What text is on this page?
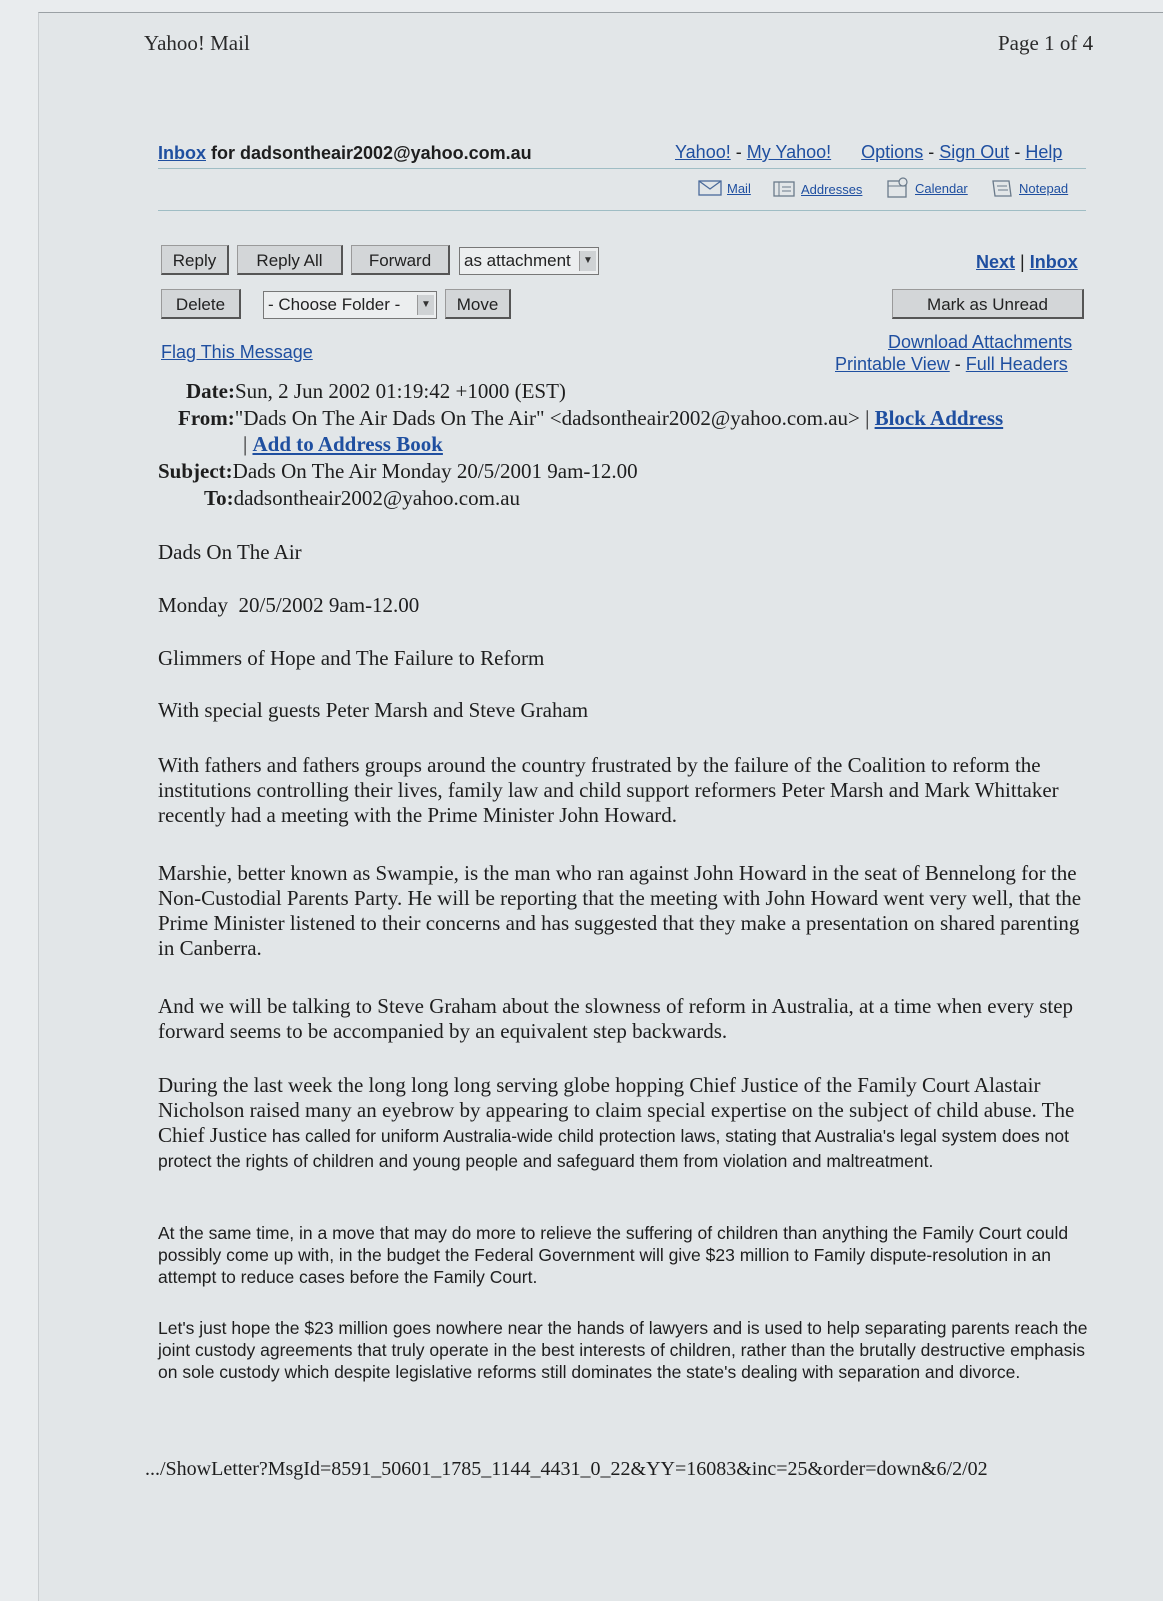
Yahoo! Mail	Page 1 of 4
Inbox for dadsontheair2002@yahoo.com.au	Yahoo! - My Yahoo! Options - Sign Out - Help
Mail	Addresses	Calendar	Notepad
Reply	Reply All	Forward	as attachment	▼	Next | Inbox
Delete	- Choose Folder -	▼	Move	Mark as Unread
Flag This Message	Download Attachments
Printable View - Full Headers
Date:Sun, 2 Jun 2002 01:19:42 +1000 (EST)
From:"Dads On The Air Dads On The Air" <dadsontheair2002@yahoo.com.au> | Block Address
| Add to Address Book
Subject:Dads On The Air Monday 20/5/2001 9am-12.00
To:dadsontheair2002@yahoo.com.au
Dads On The Air
Monday  20/5/2002 9am-12.00
Glimmers of Hope and The Failure to Reform
With special guests Peter Marsh and Steve Graham
With fathers and fathers groups around the country frustrated by the failure of the Coalition to reform the institutions controlling their lives, family law and child support reformers Peter Marsh and Mark Whittaker recently had a meeting with the Prime Minister John Howard.
Marshie, better known as Swampie, is the man who ran against John Howard in the seat of Bennelong for the Non-Custodial Parents Party. He will be reporting that the meeting with John Howard went very well, that the Prime Minister listened to their concerns and has suggested that they make a presentation on shared parenting in Canberra.
And we will be talking to Steve Graham about the slowness of reform in Australia, at a time when every step forward seems to be accompanied by an equivalent step backwards.
During the last week the long long long serving globe hopping Chief Justice of the Family Court Alastair Nicholson raised many an eyebrow by appearing to claim special expertise on the subject of child abuse. The Chief Justice has called for uniform Australia-wide child protection laws, stating that Australia's legal system does not protect the rights of children and young people and safeguard them from violation and maltreatment.
At the same time, in a move that may do more to relieve the suffering of children than anything the Family Court could possibly come up with, in the budget the Federal Government will give $23 million to Family dispute-resolution in an attempt to reduce cases before the Family Court.
Let's just hope the $23 million goes nowhere near the hands of lawyers and is used to help separating parents reach the joint custody agreements that truly operate in the best interests of children, rather than the brutally destructive emphasis on sole custody which despite legislative reforms still dominates the state's dealing with separation and divorce.
.../ShowLetter?MsgId=8591_50601_1785_1144_4431_0_22&YY=16083&inc=25&order=down&6/2/02
